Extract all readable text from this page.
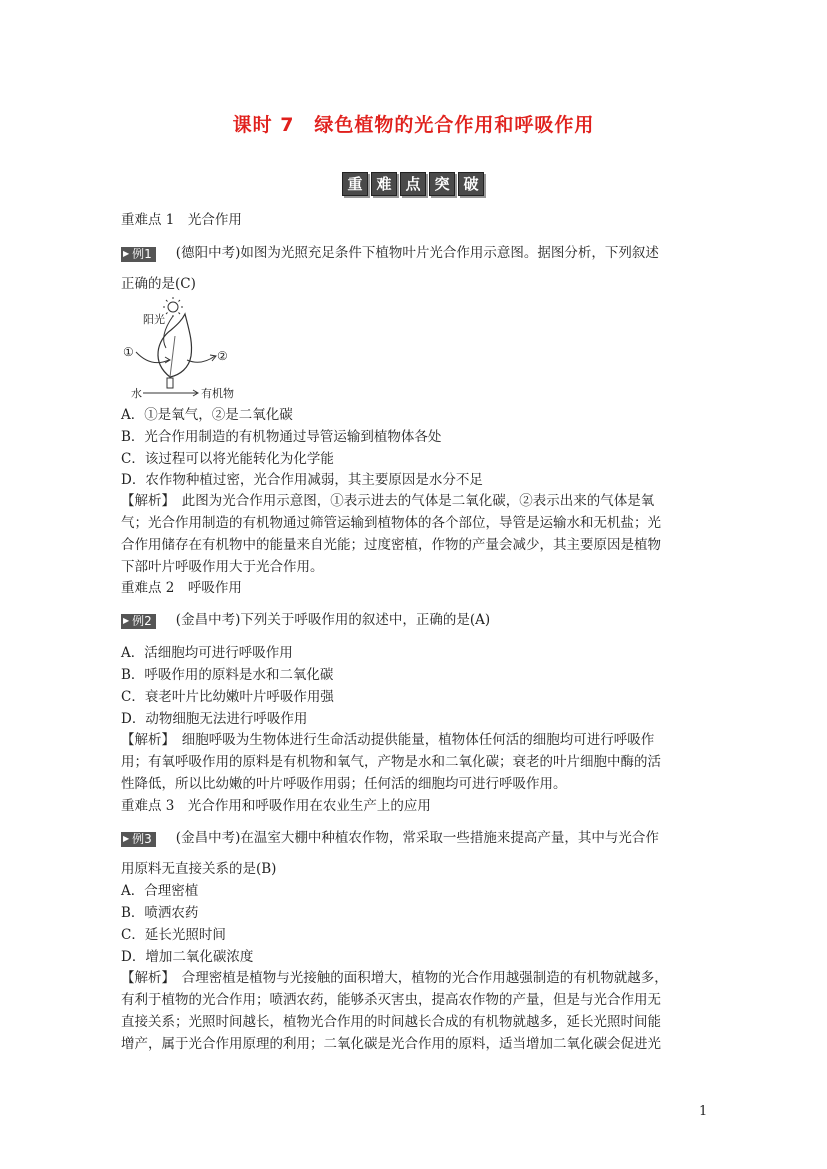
课时 7　绿色植物的光合作用和呼吸作用
重 难 点 突 破
重难点 1　光合作用
▶ 例1 (德阳中考)如图为光照充足条件下植物叶片光合作用示意图。据图分析，下列叙述
正确的是(C)
阳光
①	②
水	有机物
A．①是氧气，②是二氧化碳
B．光合作用制造的有机物通过导管运输到植物体各处
C．该过程可以将光能转化为化学能
D．农作物种植过密，光合作用减弱，其主要原因是水分不足
【解析】　此图为光合作用示意图，①表示进去的气体是二氧化碳，②表示出来的气体是氧
气；光合作用制造的有机物通过筛管运输到植物体的各个部位，导管是运输水和无机盐；光
合作用储存在有机物中的能量来自光能；过度密植，作物的产量会减少，其主要原因是植物
下部叶片呼吸作用大于光合作用。
重难点 2　呼吸作用
▶ 例2 (金昌中考)下列关于呼吸作用的叙述中，正确的是(A)
A．活细胞均可进行呼吸作用
B．呼吸作用的原料是水和二氧化碳
C．衰老叶片比幼嫩叶片呼吸作用强
D．动物细胞无法进行呼吸作用
【解析】　细胞呼吸为生物体进行生命活动提供能量，植物体任何活的细胞均可进行呼吸作
用；有氧呼吸作用的原料是有机物和氧气，产物是水和二氧化碳；衰老的叶片细胞中酶的活
性降低，所以比幼嫩的叶片呼吸作用弱；任何活的细胞均可进行呼吸作用。
重难点 3　光合作用和呼吸作用在农业生产上的应用
▶ 例3 (金昌中考)在温室大棚中种植农作物，常采取一些措施来提高产量，其中与光合作
用原料无直接关系的是(B)
A．合理密植
B．喷洒农药
C．延长光照时间
D．增加二氧化碳浓度
【解析】　合理密植是植物与光接触的面积增大，植物的光合作用越强制造的有机物就越多，
有利于植物的光合作用；喷洒农药，能够杀灭害虫，提高农作物的产量，但是与光合作用无
直接关系；光照时间越长，植物光合作用的时间越长合成的有机物就越多，延长光照时间能
增产，属于光合作用原理的利用；二氧化碳是光合作用的原料，适当增加二氧化碳会促进光
1
